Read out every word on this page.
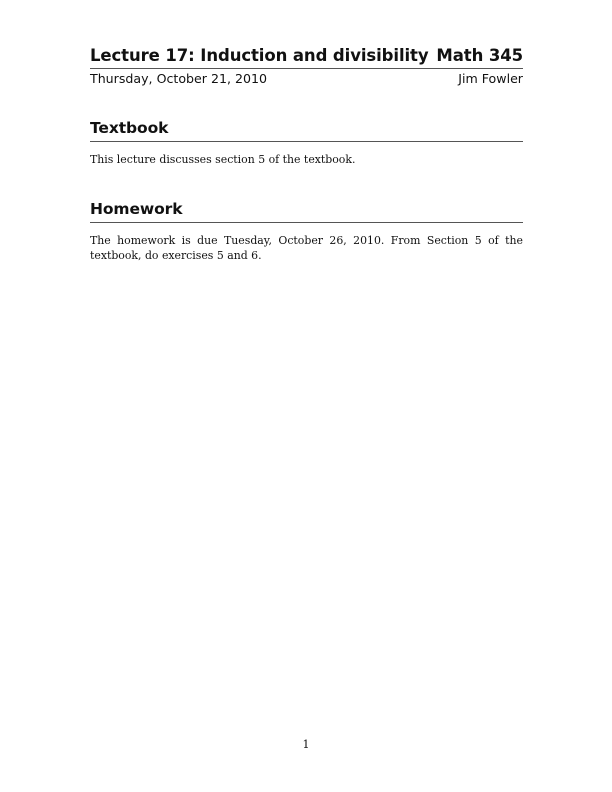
Lecture 17: Induction and divisibility Math 345
Thursday, October 21, 2010	Jim Fowler
Textbook

This lecture discusses section 5 of the textbook.

Homework

The homework is due Tuesday, October 26, 2010. From Section 5 of the textbook, do exercises 5 and 6.

1
